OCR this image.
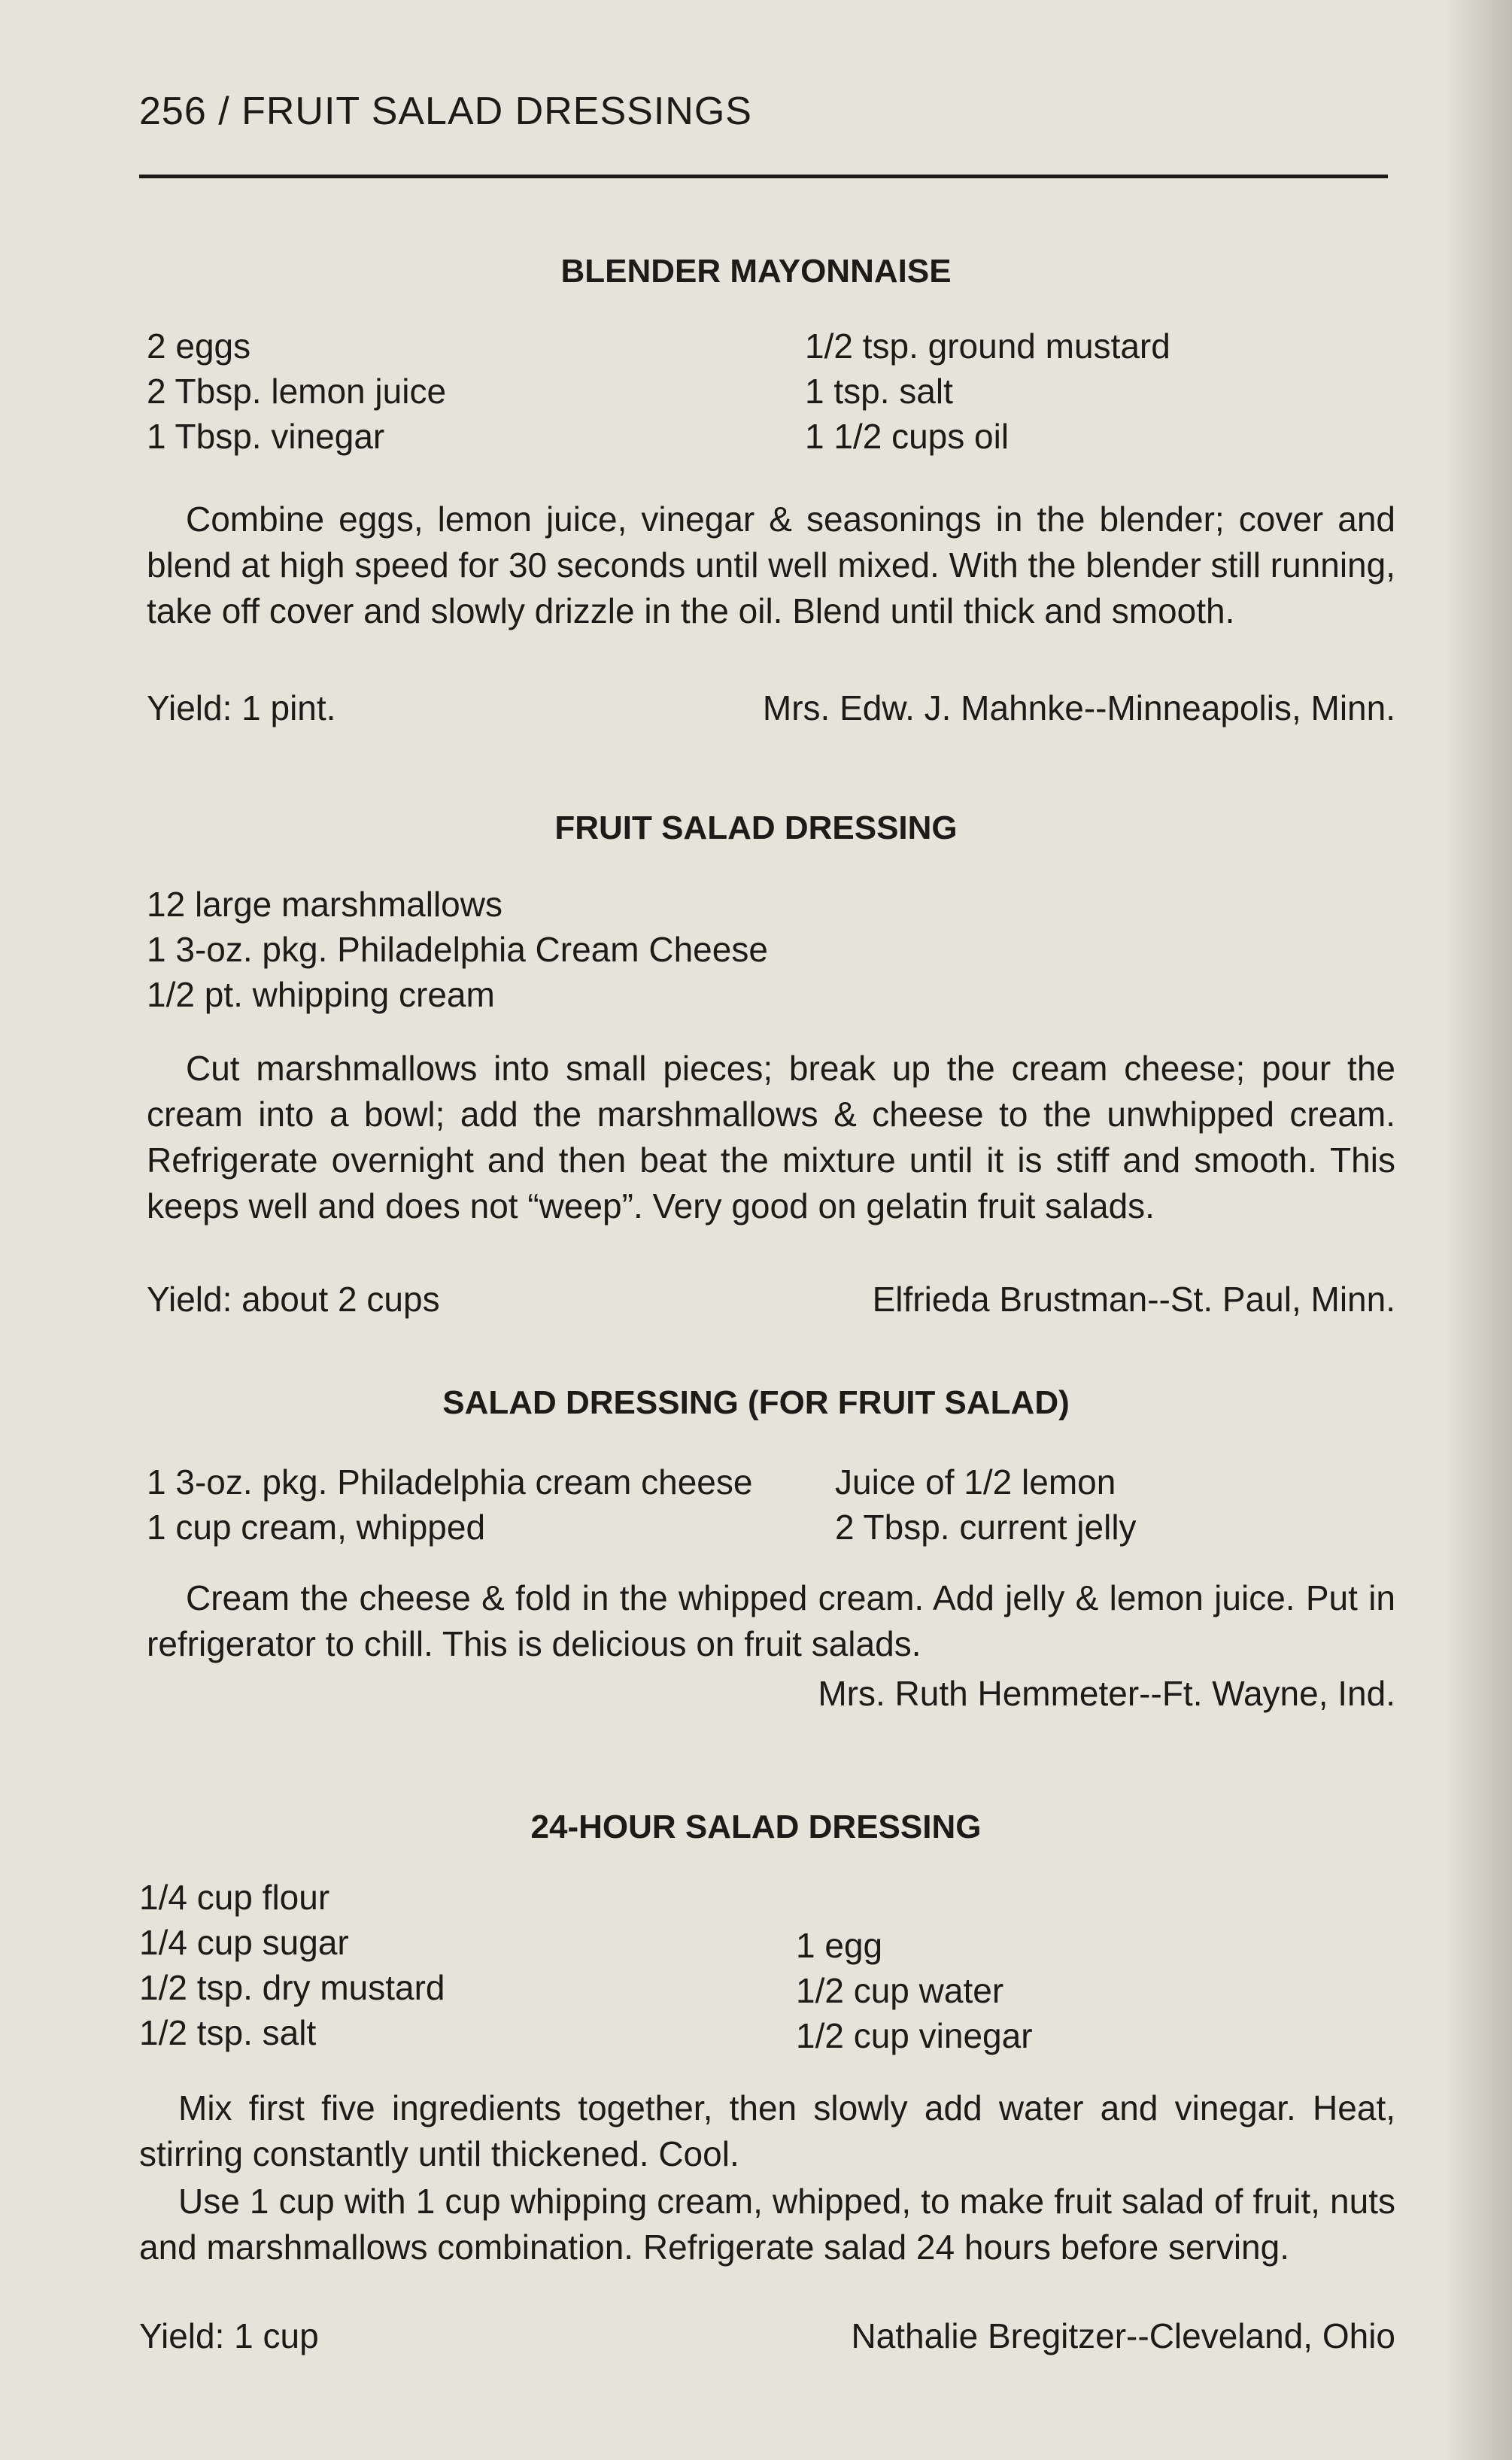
256 / FRUIT SALAD DRESSINGS
BLENDER MAYONNAISE
2 eggs
2 Tbsp. lemon juice
1 Tbsp. vinegar
1/2 tsp. ground mustard
1 tsp. salt
1 1/2 cups oil

Combine eggs, lemon juice, vinegar & seasonings in the blender; cover and blend at high speed for 30 seconds until well mixed. With the blender still running, take off cover and slowly drizzle in the oil. Blend until thick and smooth.

Yield: 1 pint.	Mrs. Edw. J. Mahnke--Minneapolis, Minn.
FRUIT SALAD DRESSING
12 large marshmallows
1 3-oz. pkg. Philadelphia Cream Cheese
1/2 pt. whipping cream

Cut marshmallows into small pieces; break up the cream cheese; pour the cream into a bowl; add the marshmallows & cheese to the unwhipped cream. Refrigerate overnight and then beat the mixture until it is stiff and smooth. This keeps well and does not “weep”. Very good on gelatin fruit salads.

Yield: about 2 cups	Elfrieda Brustman--St. Paul, Minn.
SALAD DRESSING (FOR FRUIT SALAD)
1 3-oz. pkg. Philadelphia cream cheese
1 cup cream, whipped
Juice of 1/2 lemon
2 Tbsp. current jelly

Cream the cheese & fold in the whipped cream. Add jelly & lemon juice. Put in refrigerator to chill. This is delicious on fruit salads.

Mrs. Ruth Hemmeter--Ft. Wayne, Ind.
24-HOUR SALAD DRESSING
1/4 cup flour
1/4 cup sugar
1/2 tsp. dry mustard
1/2 tsp. salt
1 egg
1/2 cup water
1/2 cup vinegar

Mix first five ingredients together, then slowly add water and vinegar. Heat, stirring constantly until thickened. Cool.

Use 1 cup with 1 cup whipping cream, whipped, to make fruit salad of fruit, nuts and marshmallows combination. Refrigerate salad 24 hours before serving.

Yield: 1 cup	Nathalie Bregitzer--Cleveland, Ohio
